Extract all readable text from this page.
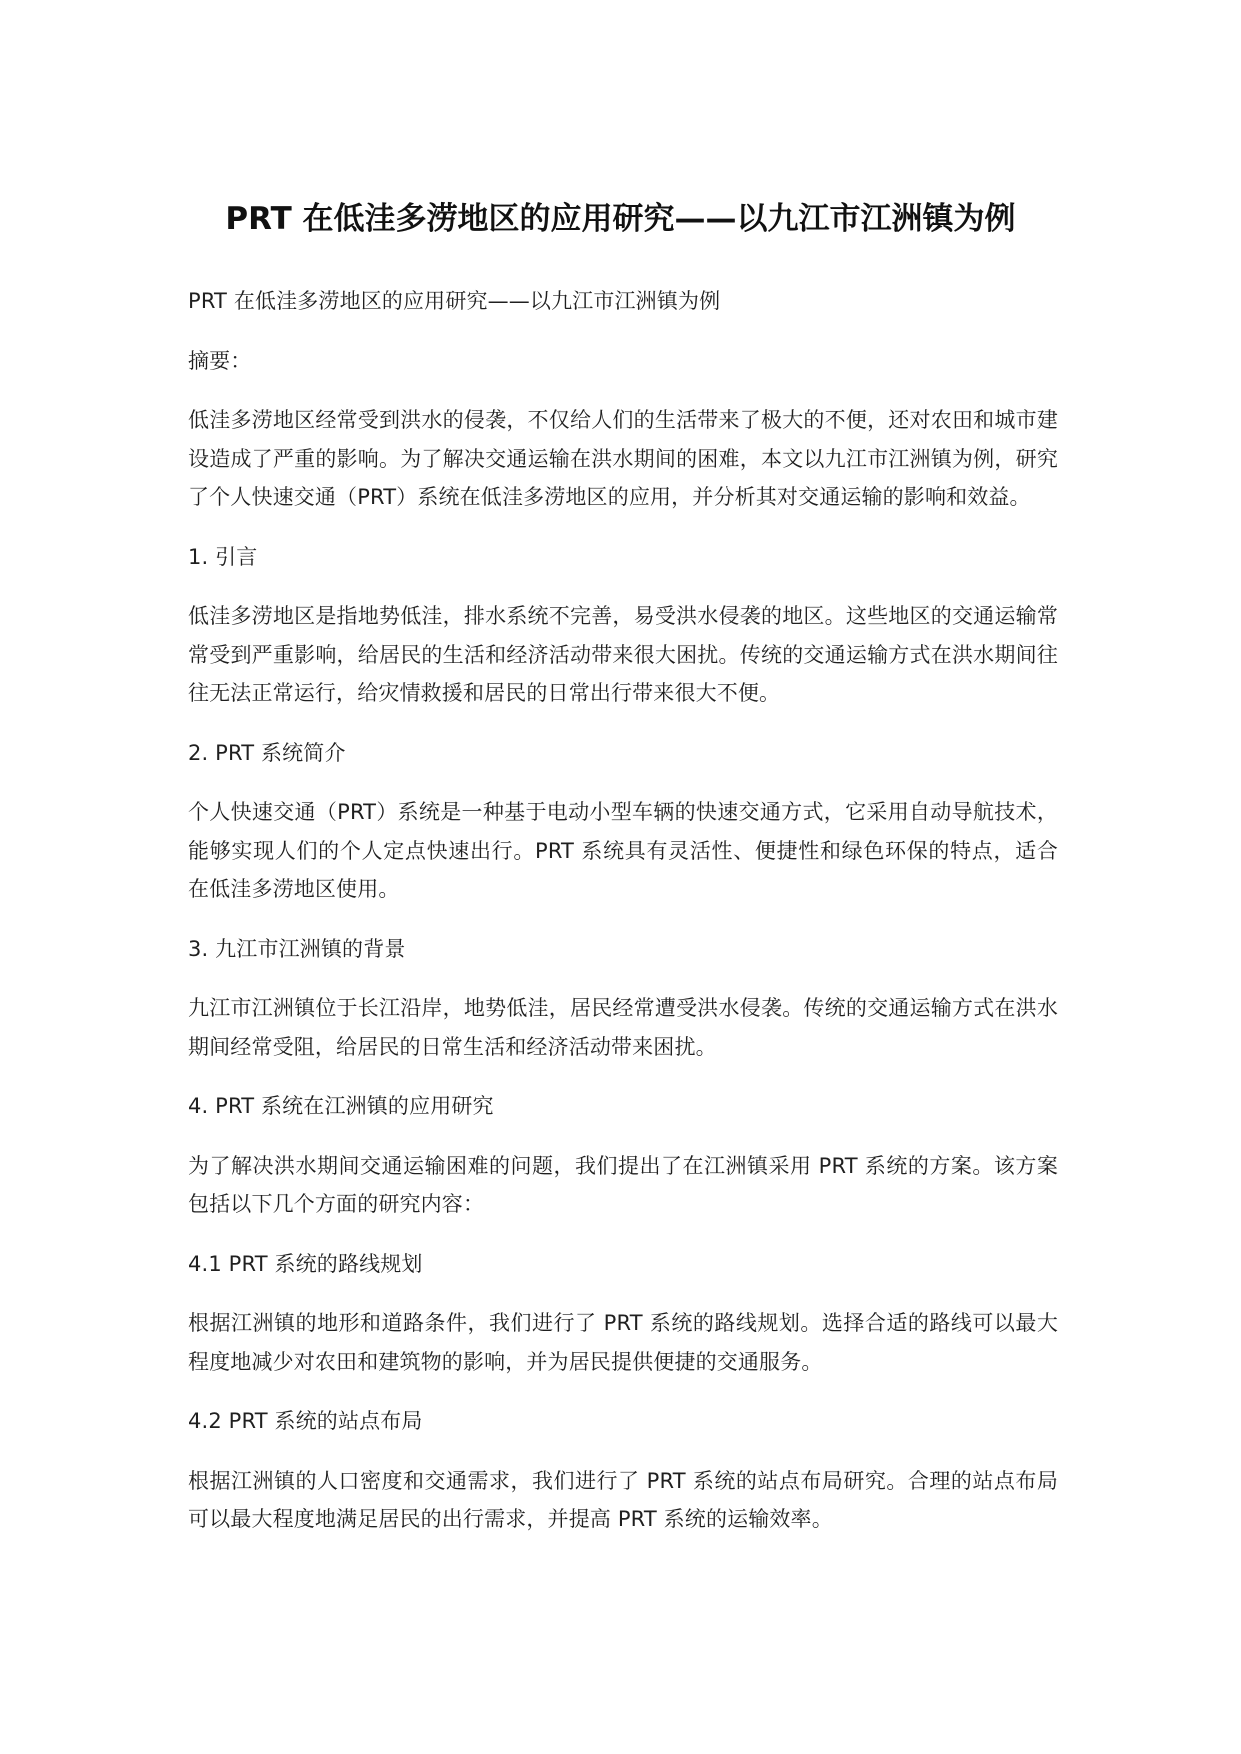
PRT 在低洼多涝地区的应用研究——以九江市江洲镇为例

PRT 在低洼多涝地区的应用研究——以九江市江洲镇为例

摘要：

低洼多涝地区经常受到洪水的侵袭，不仅给人们的生活带来了极大的不便，还对农田和城市建设造成了严重的影响。为了解决交通运输在洪水期间的困难，本文以九江市江洲镇为例，研究了个人快速交通（PRT）系统在低洼多涝地区的应用，并分析其对交通运输的影响和效益。

1. 引言

低洼多涝地区是指地势低洼，排水系统不完善，易受洪水侵袭的地区。这些地区的交通运输常常受到严重影响，给居民的生活和经济活动带来很大困扰。传统的交通运输方式在洪水期间往往无法正常运行，给灾情救援和居民的日常出行带来很大不便。

2. PRT 系统简介

个人快速交通（PRT）系统是一种基于电动小型车辆的快速交通方式，它采用自动导航技术，能够实现人们的个人定点快速出行。PRT 系统具有灵活性、便捷性和绿色环保的特点，适合在低洼多涝地区使用。

3. 九江市江洲镇的背景

九江市江洲镇位于长江沿岸，地势低洼，居民经常遭受洪水侵袭。传统的交通运输方式在洪水期间经常受阻，给居民的日常生活和经济活动带来困扰。

4. PRT 系统在江洲镇的应用研究

为了解决洪水期间交通运输困难的问题，我们提出了在江洲镇采用 PRT 系统的方案。该方案包括以下几个方面的研究内容：

4.1 PRT 系统的路线规划

根据江洲镇的地形和道路条件，我们进行了 PRT 系统的路线规划。选择合适的路线可以最大程度地减少对农田和建筑物的影响，并为居民提供便捷的交通服务。

4.2 PRT 系统的站点布局

根据江洲镇的人口密度和交通需求，我们进行了 PRT 系统的站点布局研究。合理的站点布局可以最大程度地满足居民的出行需求，并提高 PRT 系统的运输效率。
